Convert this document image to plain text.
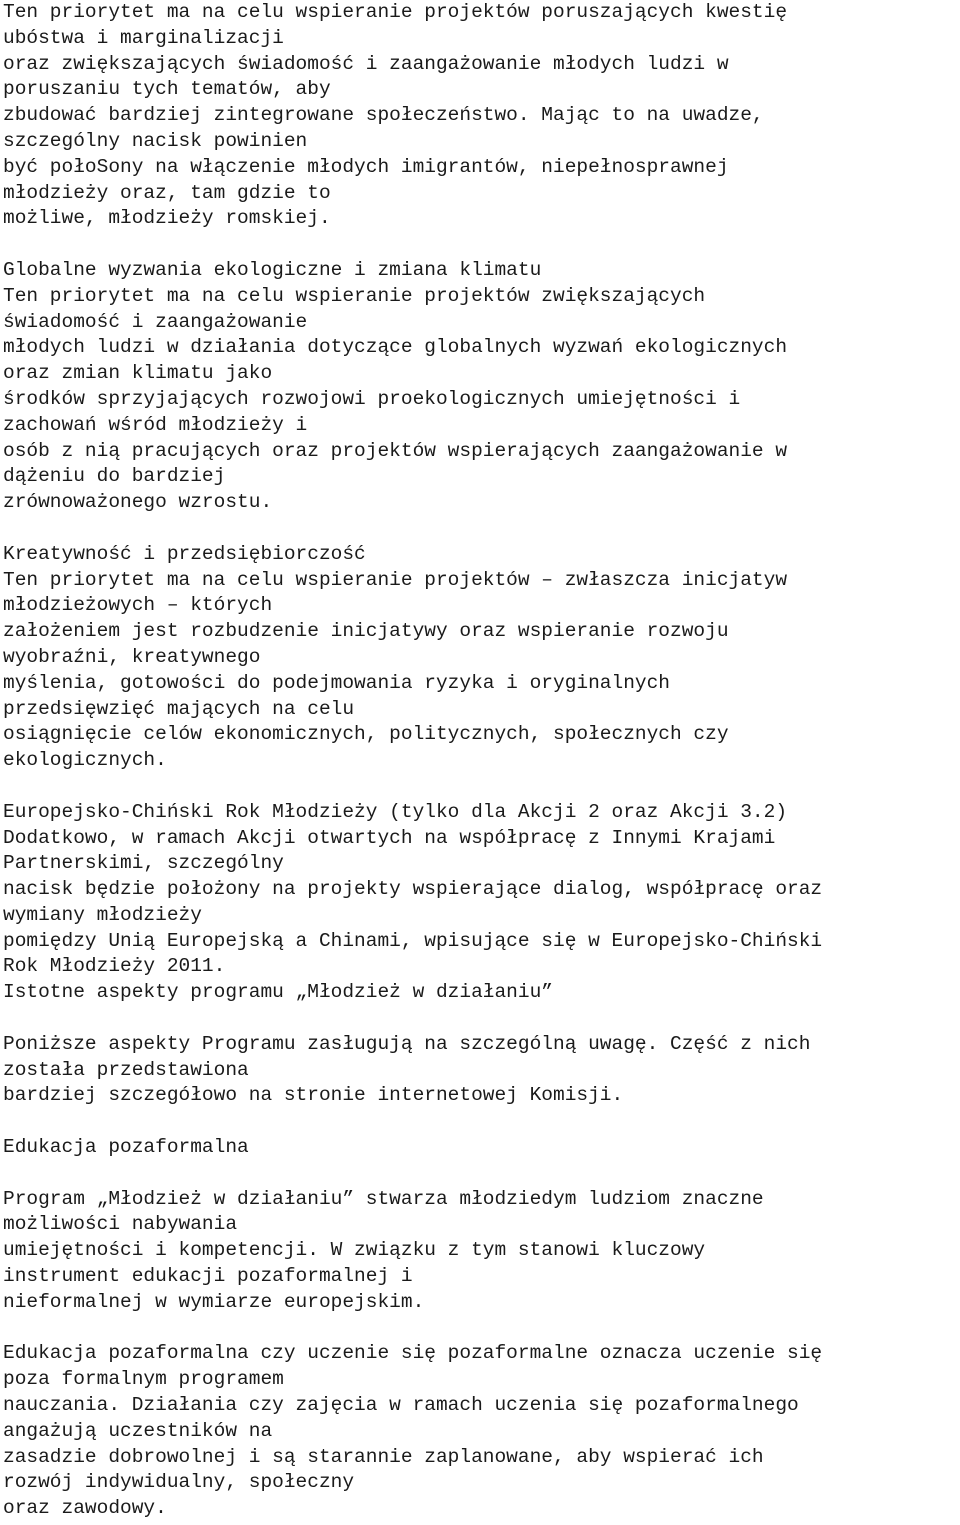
Ten priorytet ma na celu wspieranie projektów poruszających kwestię
ubóstwa i marginalizacji
oraz zwiększających świadomość i zaangażowanie młodych ludzi w
poruszaniu tych tematów, aby
zbudować bardziej zintegrowane społeczeństwo. Mając to na uwadze,
szczególny nacisk powinien
być połoSony na włączenie młodych imigrantów, niepełnosprawnej
młodzieży oraz, tam gdzie to
możliwe, młodzieży romskiej.
Globalne wyzwania ekologiczne i zmiana klimatu
Ten priorytet ma na celu wspieranie projektów zwiększających
świadomość i zaangażowanie
młodych ludzi w działania dotyczące globalnych wyzwań ekologicznych
oraz zmian klimatu jako
środków sprzyjających rozwojowi proekologicznych umiejętności i
zachowań wśród młodzieży i
osób z nią pracujących oraz projektów wspierających zaangażowanie w
dążeniu do bardziej
zrównoważonego wzrostu.
Kreatywność i przedsiębiorczość
Ten priorytet ma na celu wspieranie projektów – zwłaszcza inicjatyw
młodzieżowych – których
założeniem jest rozbudzenie inicjatywy oraz wspieranie rozwoju
wyobraźni, kreatywnego
myślenia, gotowości do podejmowania ryzyka i oryginalnych
przedsięwzięć mających na celu
osiągnięcie celów ekonomicznych, politycznych, społecznych czy
ekologicznych.
Europejsko-Chiński Rok Młodzieży (tylko dla Akcji 2 oraz Akcji 3.2)
Dodatkowo, w ramach Akcji otwartych na współpracę z Innymi Krajami
Partnerskimi, szczególny
nacisk będzie położony na projekty wspierające dialog, współpracę oraz
wymiany młodzieży
pomiędzy Unią Europejską a Chinami, wpisujące się w Europejsko-Chiński
Rok Młodzieży 2011.
Istotne aspekty programu „Młodzież w działaniu”
Poniższe aspekty Programu zasługują na szczególną uwagę. Część z nich
została przedstawiona
bardziej szczegółowo na stronie internetowej Komisji.
Edukacja pozaformalna
Program „Młodzież w działaniu” stwarza młodziedym ludziom znaczne
możliwości nabywania
umiejętności i kompetencji. W związku z tym stanowi kluczowy
instrument edukacji pozaformalnej i
nieformalnej w wymiarze europejskim.
Edukacja pozaformalna czy uczenie się pozaformalne oznacza uczenie się
poza formalnym programem
nauczania. Działania czy zajęcia w ramach uczenia się pozaformalnego
angażują uczestników na
zasadzie dobrowolnej i są starannie zaplanowane, aby wspierać ich
rozwój indywidualny, społeczny
oraz zawodowy.
